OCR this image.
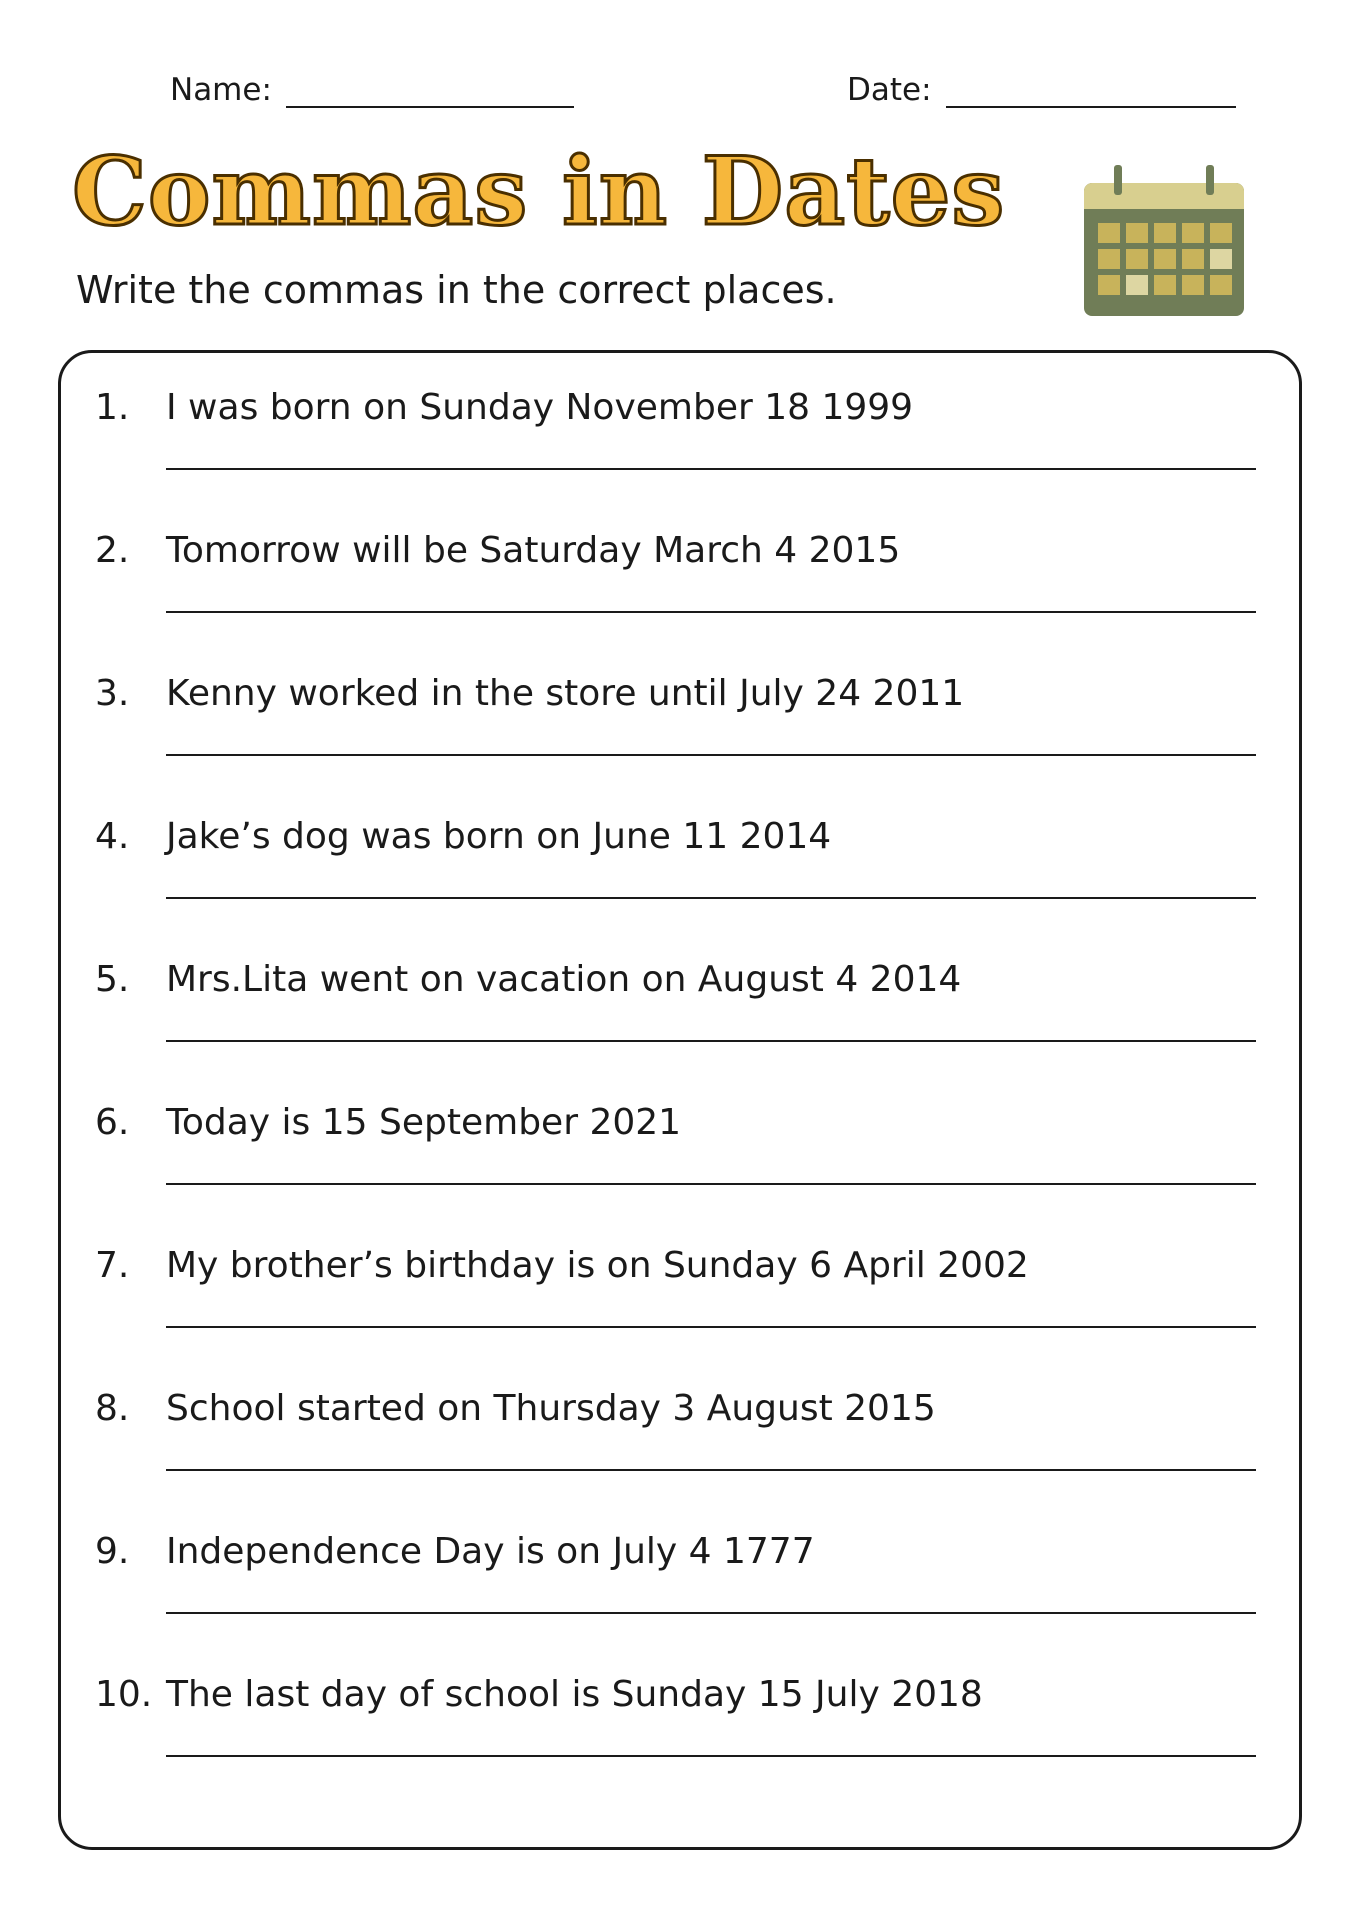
Name:	Date:
Commas in Dates
Write the commas in the correct places.
1. I was born on Sunday November 18 1999
2. Tomorrow will be Saturday March 4 2015
3. Kenny worked in the store until July 24 2011
4. Jake’s dog was born on June 11 2014
5. Mrs.Lita went on vacation on August 4 2014
6. Today is 15 September 2021
7. My brother’s birthday is on Sunday 6 April 2002
8. School started on Thursday 3 August 2015
9. Independence Day is on July 4 1777
10. The last day of school is Sunday 15 July 2018
